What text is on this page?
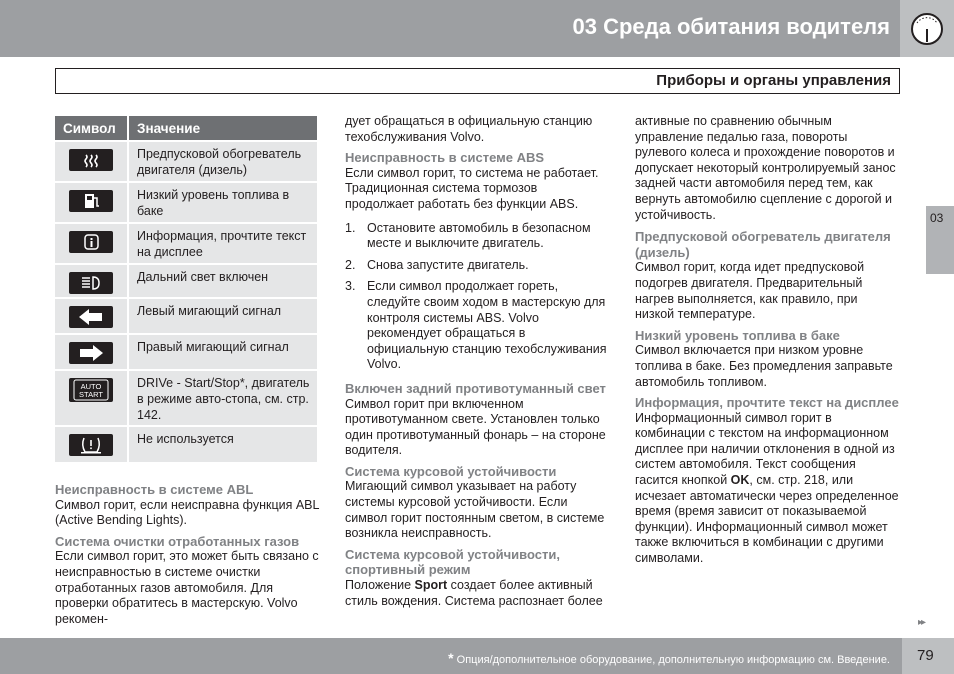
03 Среда обитания водителя
Приборы и органы управления
03
Символ	Значение

	Предпусковой обогреватель двигателя (дизель)

	Низкий уровень топлива в баке

	Информация, прочтите текст на дисплее

	Дальний свет включен

	Левый мигающий сигнал

	Правый мигающий сигнал

AUTO
START	DRIVe - Start/Stop*, двигатель в режиме авто-стопа, см. стр. 142.

	Не используется

Неисправность в системе ABL

Символ горит, если неисправна функция ABL (Active Bending Lights).

Система очистки отработанных газов

Если символ горит, это может быть связано с неисправностью в системе очистки отработанных газов автомобиля. Для проверки обратитесь в мастерскую. Volvo рекомен-

дует обращаться в официальную станцию техобслуживания Volvo.

Неисправность в системе ABS

Если символ горит, то система не работает. Традиционная система тормозов продолжает работать без функции ABS.

1. Остановите автомобиль в безопасном месте и выключите двигатель.
2. Снова запустите двигатель.
3. Если символ продолжает гореть, следуйте своим ходом в мастерскую для контроля системы ABS. Volvo рекомендует обращаться в официальную станцию техобслуживания Volvo.

Включен задний противотуманный свет

Символ горит при включенном противотуманном свете. Установлен только один противотуманный фонарь – на стороне водителя.

Система курсовой устойчивости

Мигающий символ указывает на работу системы курсовой устойчивости. Если символ горит постоянным светом, в системе возникла неисправность.

Система курсовой устойчивости, спортивный режим

Положение Sport создает более активный стиль вождения. Система распознает более

активные по сравнению обычным управление педалью газа, повороты рулевого колеса и прохождение поворотов и допускает некоторый контролируемый занос задней части автомобиля перед тем, как вернуть автомобилю сцепление с дорогой и устойчивость.

Предпусковой обогреватель двигателя (дизель)

Символ горит, когда идет предпусковой подогрев двигателя. Предварительный нагрев выполняется, как правило, при низкой температуре.

Низкий уровень топлива в баке

Символ включается при низком уровне топлива в баке. Без промедления заправьте автомобиль топливом.

Информация, прочтите текст на дисплее

Информационный символ горит в комбинации с текстом на информационном дисплее при наличии отклонения в одной из систем автомобиля. Текст сообщения гасится кнопкой OK, см. стр. 218, или исчезает автоматически через определенное время (время зависит от показываемой функции). Информационный символ может также включиться в комбинации с другими символами.

▸▸
* Опция/дополнительное оборудование, дополнительную информацию см. Введение. 79
